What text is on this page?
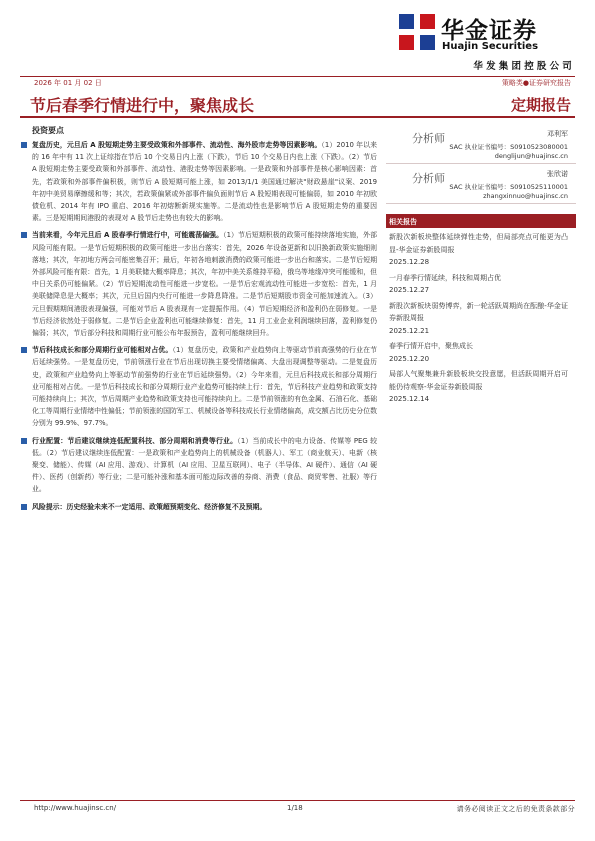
华金证券
Huajin Securities
华发集团控股公司
2026 年 01 月 02 日	策略类●证券研究报告
节后春季行情进行中，聚焦成长	定期报告
投资要点
复盘历史，元旦后 A 股短期走势主要受政策和外部事件、流动性、海外股市走势等因素影响。（1）2010 年以来的 16 年中有 11 次上证综指在节后 10 个交易日内上涨（下跌），节后 10 个交易日内也上涨（下跌）。（2）节后 A 股短期走势主要受政策和外部事件、流动性、港股走势等因素影响。一是政策和外部事件是核心影响因素：首先，若政策和外部事件偏积极，则节后 A 股短期可能上涨，如 2013/1/1 美国通过解决"财政悬崖"议案、2019 年初中美贸易摩擦缓和等；其次，若政策偏紧或外部事件偏负面则节后 A 股短期表现可能偏弱，如 2010 年初欧债危机、2014 年有 IPO 重启、2016 年初熔断新规实施等。二是流动性也是影响节后 A 股短期走势的重要因素。三是短期期间港股的表现对 A 股节后走势也有较大的影响。
当前来看，今年元旦后 A 股春季行情进行中，可能震荡偏强。（1）节后短期积极的政策可能持续落地实施，外部风险可能有限。一是节后短期积极的政策可能进一步出台落实：首先，2026 年设备更新和以旧换新政策实施细则落地；其次，年初地方两会可能密集召开；最后，年初各地刺激消费的政策可能进一步出台和落实。二是节后短期外部风险可能有限：首先，1 月美联储大概率降息；其次，年初中美关系维持平稳，俄乌等地缘冲突可能缓和，但中日关系仍可能偏紧。（2）节后短期流动性可能进一步宽松。一是节后宏观流动性可能进一步宽松：首先，1 月美联储降息是大概率；其次，元旦后国内央行可能进一步降息降准。二是节后短期股市资金可能加速流入。（3）元旦假期期间港股表现偏强，可能对节后 A 股表现有一定提振作用。（4）节后短期经济和盈利仍在弱修复。一是节后经济依然处于弱修复。二是节后企业盈利也可能继续修复：首先，11 月工业企业利润继续回落，盈利修复仍偏弱；其次，节后部分科技和周期行业可能公布年报预告，盈利可能继续回升。
节后科技成长和部分周期行业可能相对占优。（1）复盘历史，政策和产业趋势向上等驱动节前高强势的行业在节后延续强势。一是复盘历史，节前领涨行业在节后出现切换主要受情绪偏离、大盘出现调整等驱动。二是复盘历史，政策和产业趋势向上等驱动节前强势的行业在节后延续强势。（2）今年来看，元旦后科技成长和部分周期行业可能相对占优。一是节后科技成长和部分周期行业产业趋势可能持续上行：首先，节后科技产业趋势和政策支持可能持续向上；其次，节后周期产业趋势和政策支持也可能持续向上。二是节前领涨的有色金属、石油石化、基础化工等周期行业情绪中性偏低；节前领涨的国防军工、机械设备等科技成长行业情绪偏高，成交额占比历史分位数分别为 99.9%、97.7%。
行业配置：节后建议继续连低配置科技、部分周期和消费等行业。（1）当前成长中的电力设备、传媒等 PEG 较低。（2）节后建议继续连低配置：一是政策和产业趋势向上的机械设备（机器人）、军工（商业航天）、电新（核聚变、储能）、传媒（AI 应用、游戏）、计算机（AI 应用、卫星互联网）、电子（半导体、AI 硬件）、通信（AI 硬件）、医药（创新药）等行业；二是可能补涨和基本面可能边际改善的券商、消费（食品、商贸零售、社服）等行业。
风险提示：历史经验未来不一定适用、政策超预期变化、经济修复不及预期。
分析师	邓利军
SAC 执业证书编号：S0910523080001
denglijun@huajinsc.cn
分析师	张欣诺
SAC 执业证书编号：S0910525110001
zhangxinnuo@huajinsc.cn
相关报告
新股次新板块整体延续弹性走势，但局部亮点可能更为凸显-华金证券新股周报
2025.12.28
一月春季行情延续，科技和周期占优
2025.12.27
新股次新板块弱势博弈，新一轮活跃周期尚在酝酿-华金证券新股周报
2025.12.21
春季行情开启中，聚焦成长
2025.12.20
局部人气聚集兼升新股板块交投意愿，但活跃周期开启可能仍待观察-华金证券新股周报
2025.12.14
http://www.huajinsc.cn/	1/18	请务必阅读正文之后的免责条款部分
